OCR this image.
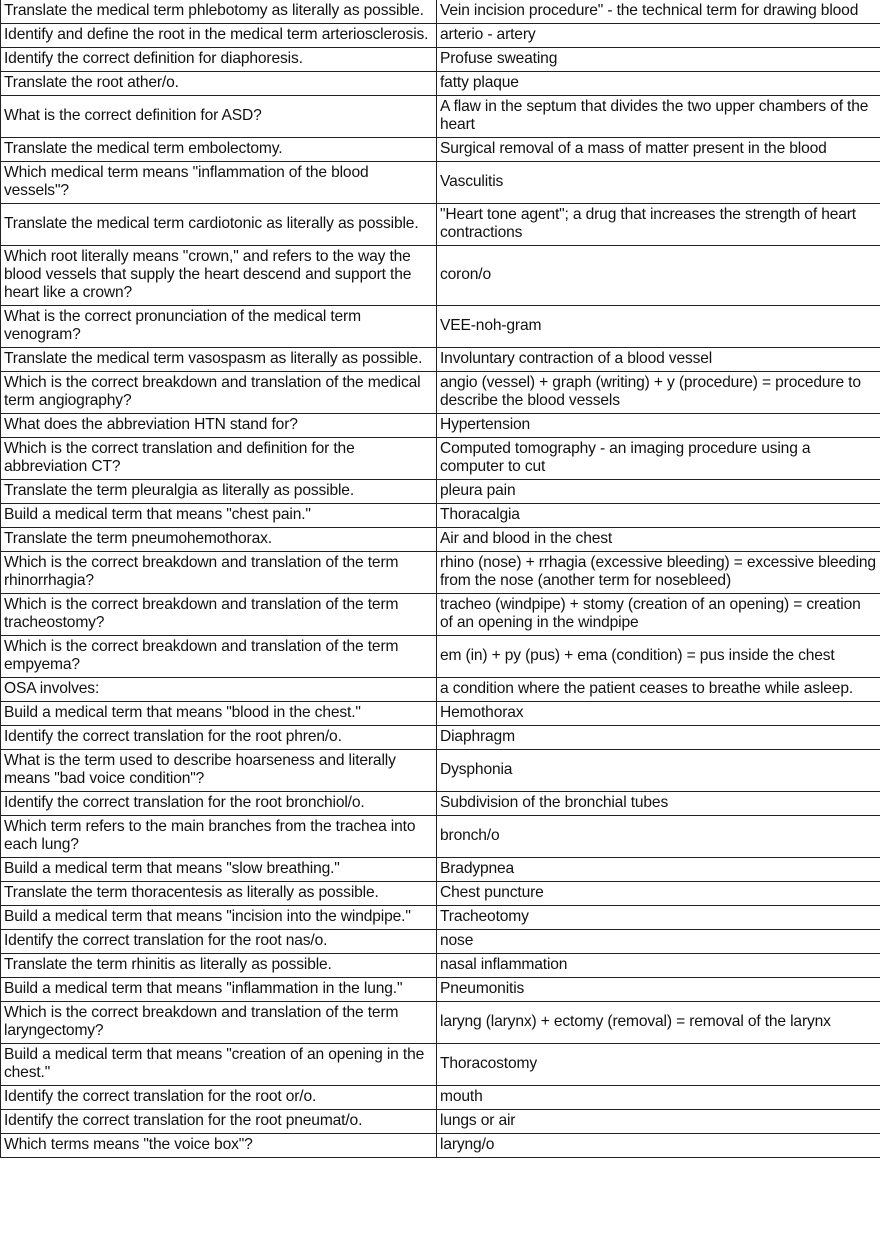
Translate the medical term phlebotomy as literally as possible.	Vein incision procedure" - the technical term for drawing blood
Identify and define the root in the medical term arteriosclerosis.	arterio - artery
Identify the correct definition for diaphoresis.	Profuse sweating
Translate the root ather/o.	fatty plaque
What is the correct definition for ASD?	A flaw in the septum that divides the two upper chambers of the heart
Translate the medical term embolectomy.	Surgical removal of a mass of matter present in the blood
Which medical term means "inflammation of the blood vessels"?	Vasculitis
Translate the medical term cardiotonic as literally as possible.	"Heart tone agent"; a drug that increases the strength of heart contractions
Which root literally means "crown," and refers to the way the blood vessels that supply the heart descend and support the heart like a crown?	coron/o
What is the correct pronunciation of the medical term venogram?	VEE-noh-gram
Translate the medical term vasospasm as literally as possible.	Involuntary contraction of a blood vessel
Which is the correct breakdown and translation of the medical term angiography?	angio (vessel) + graph (writing) + y (procedure) = procedure to describe the blood vessels
What does the abbreviation HTN stand for?	Hypertension
Which is the correct translation and definition for the abbreviation CT?	Computed tomography - an imaging procedure using a computer to cut
Translate the term pleuralgia as literally as possible.	pleura pain
Build a medical term that means "chest pain."	Thoracalgia
Translate the term pneumohemothorax.	Air and blood in the chest
Which is the correct breakdown and translation of the term rhinorrhagia?	rhino (nose) + rrhagia (excessive bleeding) = excessive bleeding from the nose (another term for nosebleed)
Which is the correct breakdown and translation of the term tracheostomy?	tracheo (windpipe) + stomy (creation of an opening) = creation of an opening in the windpipe
Which is the correct breakdown and translation of the term empyema?	em (in) + py (pus) + ema (condition) = pus inside the chest
OSA involves:	a condition where the patient ceases to breathe while asleep.
Build a medical term that means "blood in the chest."	Hemothorax
Identify the correct translation for the root phren/o.	Diaphragm
What is the term used to describe hoarseness and literally means "bad voice condition"?	Dysphonia
Identify the correct translation for the root bronchiol/o.	Subdivision of the bronchial tubes
Which term refers to the main branches from the trachea into each lung?	bronch/o
Build a medical term that means "slow breathing."	Bradypnea
Translate the term thoracentesis as literally as possible.	Chest puncture
Build a medical term that means "incision into the windpipe."	Tracheotomy
Identify the correct translation for the root nas/o.	nose
Translate the term rhinitis as literally as possible.	nasal inflammation
Build a medical term that means "inflammation in the lung."	Pneumonitis
Which is the correct breakdown and translation of the term laryngectomy?	laryng (larynx) + ectomy (removal) = removal of the larynx
Build a medical term that means "creation of an opening in the chest."	Thoracostomy
Identify the correct translation for the root or/o.	mouth
Identify the correct translation for the root pneumat/o.	lungs or air
Which terms means "the voice box"?	laryng/o
